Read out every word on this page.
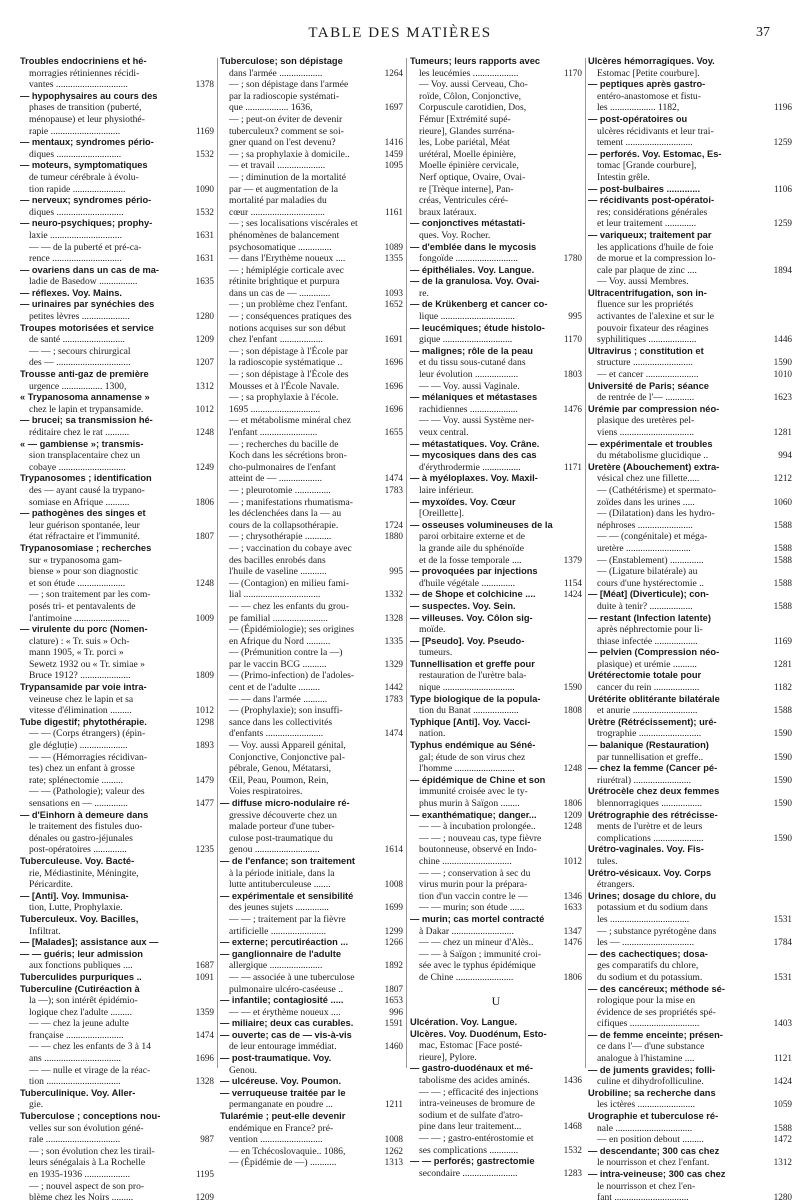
TABLE DES MATIÈRES	37
Troubles endocriniens et hé-
morragies rétiniennes récidi-
vantes ..............................	1378
— hypophysaires au cours des
phases de transition (puberté,
ménopause) et leur physiothé-
rapie .............................	1169
— mentaux; syndromes pério-
diques ...........................	1532
— moteurs, symptomatiques
de tumeur cérébrale à évolu-
tion rapide ......................	1090
— nerveux; syndromes pério-
diques ............................	1532
— neuro-psychiques; prophy-
laxie ..............................	1631
— — de la puberté et pré-ca-
rence .............................	1631
— ovariens dans un cas de ma-
ladie de Basedow ................	1635
— réflexes. Voy. Mains.
— urinaires par synéchies des
petites lèvres ....................	1280
Troupes motorisées et service
de santé ..........................	1209
— — ; secours chirurgical
des — ...............................	1207
Trousse anti-gaz de première
urgence ................. 1300,	1312
« Trypanosoma annamense »
chez le lapin et trypansamide.	1012
— brucei; sa transmission hé-
réditaire chez le rat ..........	1248
« — gambiense »; transmis-
sion transplacentaire chez un
cobaye ............................	1249
Trypanosomes ; identification
des — ayant causé la trypano-
somiase en Afrique ..........	1806
— pathogènes des singes et
leur guérison spontanée, leur
état réfractaire et l'immunité.	1807
Trypanosomiase ; recherches
sur « trypanosoma gam-
biense » pour son diagnostic
et son étude ....................	1248
— ; son traitement par les com-
posés tri- et pentavalents de
l'antimoine .......................	1009
— virulente du porc (Nomen-
clature) : « Tr. suis » Och-
mann 1905, « Tr. porci »
Sewetz 1932 ou « Tr. simiae »
Bruce 1912? .....................	1809
Trypansamide par voie intra-
veineuse chez le lapin et sa
vitesse d'élimination .........	1012
Tube digestif; phytothérapie.	1298
— — (Corps étrangers) (épin-
gle dégluție) ....................	1893
— — (Hémorragies récidivan-
tes) chez un enfant à grosse
rate; splénectomie .........	1479
— — (Pathologie); valeur des
sensations en — ..............	1477
— d'Einhorn à demeure dans
le traitement des fistules duo-
dénales ou gastro-jéjunales
post-opératoires ..............	1235
Tuberculeuse. Voy. Bacté-
rie, Médiastinite, Méningite,
Péricardite.
— [Anti]. Voy. Immunisa-
tion, Lutte, Prophylaxie.
Tuberculeux. Voy. Bacilles,
Infiltrat.
— [Malades]; assistance aux —
— — guéris; leur admission
aux fonctions publiques ....	1687
Tuberculides purpuriques ..	1091
Tuberculine (Cutiréaction à
la —); son intérêt épidémio-
logique chez l'adulte .........	1359
— — chez la jeune adulte
française ........................	1474
— — chez les enfants de 3 à 14
ans ................................	1696
— — nulle et virage de la réac-
tion ...............................	1328
Tuberculinique. Voy. Aller-
gie.
Tuberculose ; conceptions nou-
velles sur son évolution géné-
rale ...............................	987
— ; son évolution chez les tirail-
leurs sénégalais à La Rochelle
en 1935-1936 ...................	1195
— ; nouvel aspect de son pro-
blème chez les Noirs .........	1209
Tuberculose; son dépistage
dans l'armée ..................	1264
— ; son dépistage dans l'armée
par la radioscopie systémati-
que .................. 1636,	1697
— ; peut-on éviter de devenir
tuberculeux? comment se soi-
gner quand on l'est devenu?	1416
— ; sa prophylaxie à domicile..	1459
— et travail ....................	1095
— ; diminution de la mortalité
par — et augmentation de la
mortalité par maladies du
cœur ...............................	1161
— ; ses localisations viscérales et
phénomènes de balancement
psychosomatique ..............	1089
— dans l'Erythème noueux ....	1355
— ; hémiplégie corticale avec
rétinite brightique et purpura
dans un cas de — .............	1093
— ; un problème chez l'enfant.	1652
— ; conséquences pratiques des
notions acquises sur son début
chez l'enfant ..................	1691
— ; son dépistage à l'École par
la radioscopie systématique ..	1696
— ; son dépistage à l'École des
Mousses et à l'École Navale.	1696
— ; sa prophylaxie à l'école.
1695 .............................	1696
— et métabolisme minéral chez
l'enfant ........................	1655
— ; recherches du bacille de
Koch dans les sécrétions bron-
cho-pulmonaires de l'enfant
atteint de — ..................	1474
— ; pleurotomie ...............	1783
— ; manifestations rhumatisma-
les déclenchées dans la — au
cours de la collapsothérapie.	1724
— ; chrysothérapie ...........	1880
— ; vaccination du cobaye avec
des bacilles enrobés dans
l'huile de vaseline ...........	995
— (Contagion) en milieu fami-
lial ................................	1332
— — chez les enfants du grou-
pe familial .......................	1328
— (Épidémiologie); ses origines
en Afrique du Nord ..........	1335
— (Prémunition contre la —)
par le vaccin BCG ..........	1329
— (Primo-infection) de l'adoles-
cent et de l'adulte .........	1442
— — dans l'armée ..........	1783
— (Prophylaxie); son insuffi-
sance dans les collectivités
d'enfants ........................	1474
— Voy. aussi Appareil génital,
Conjonctive, Conjonctive pal-
pébrale, Genou, Métatarsi,
Œil, Peau, Poumon, Rein,
Voies respiratoires.
— diffuse micro-nodulaire ré-
gressive découverte chez un
malade porteur d'une tuber-
culose post-traumatique du
genou ...........................	1614
— de l'enfance; son traitement
à la période initiale, dans la
lutte antituberculeuse .......	1008
— expérimentale et sensibilité
des jeunes sujets ..............	1699
— — ; traitement par la fièvre
artificielle .......................	1299
— externe; percutiréaction ...	1266
— ganglionnaire de l'adulte
allergique ......................	1892
— — associée à une tuberculose
pulmonaire ulcéro-caséeuse ..	1807
— infantile; contagiosité .....	1653
— — et érythème noueux ....	996
— miliaire; deux cas curables.	1591
— ouverte; cas de — vis-à-vis
de leur entourage immédiat.	1460
— post-traumatique. Voy.
Genou.
— ulcéreuse. Voy. Poumon.
— verruqueuse traitée par le
permanganate en poudre ...	1211
Tularémie ; peut-elle devenir
endémique en France? pré-
vention ..........................	1008
— en Tchécoslovaquie.. 1086,	1262
— (Épidémie de —) ...........	1313
Tumeurs; leurs rapports avec
les leucémies ...................	1170
— Voy. aussi Cerveau, Cho-
roïde, Côlon, Conjonctive,
Corpuscule carotidien, Dos,
Fémur [Extrémité supé-
rieure], Glandes surréna-
les, Lobe pariétal, Méat
urétéral, Moelle épinière,
Moelle épinière cervicale,
Nerf optique, Ovaire, Ovai-
re [Trèque interne], Pan-
créas, Ventricules céré-
braux latéraux.
— conjonctives métastati-
ques. Voy. Rocher.
— d'emblée dans le mycosis
fongoïde ..........................	1780
— épithéliales. Voy. Langue.
— de la granulosa. Voy. Ovai-
re.
— de Krükenberg et cancer co-
lique ...............................	995
— leucémiques; étude histolo-
gique .............................	1170
— malignes; rôle de la peau
et du tissu sous-cutané dans
leur évolution ..................	1803
— — Voy. aussi Vaginale.
— mélaniques et métastases
rachidiennes ....................	1476
— — Voy. aussi Système ner-
veux central.
— métastatiques. Voy. Crâne.
— mycosiques dans des cas
d'érythrodermie ................	1171
— à myéloplaxes. Voy. Maxil-
laire inférieur.
— myxoïdes. Voy. Cœur
[Oreillette].
— osseuses volumineuses de la
paroi orbitaire externe et de
la grande aile du sphénoïde
et de la fosse temporale ....	1379
— provoquées par injections
d'huile végétale ..............	1154
— de Shope et colchicine ....	1424
— suspectes. Voy. Sein.
— villeuses. Voy. Côlon sig-
moïde.
— [Pseudo]. Voy. Pseudo-
tumeurs.
Tunnellisation et greffe pour
restauration de l'urètre bala-
nique ..............................	1590
Type biologique de la popula-
tion du Banat ...................	1808
Typhique [Anti]. Voy. Vacci-
nation.
Typhus endémique au Séné-
gal; étude de son virus chez
l'homme .........................	1248
— épidémique de Chine et son
immunité croisée avec le ty-
phus murin à Saïgon ........	1806
— exanthématique; danger...	1209
— — à incubation prolongée..	1248
— — ; nouveau cas, type fièvre
boutonneuse, observé en Indo-
chine .............................	1012
— — ; conservation à sec du
virus murin pour la prépara-
tion d'un vaccin contre le —	1346
— — murin; son étude ......	1633
— murin; cas mortel contracté
à Dakar ..........................	1347
— — chez un mineur d'Alès..	1476
— — à Saïgon ; immunité croi-
sée avec le typhus épidémique
de Chine ........................	1806
U
Ulcération. Voy. Langue.
Ulcères. Voy. Duodénum, Esto-
mac, Estomac [Face posté-
rieure], Pylore.
— gastro-duodénaux et mé-
tabolisme des acides aminés.	1436
— — ; efficacité des injections
intra-veineuses de bromure de
sodium et de sulfate d'atro-
pine dans leur traitement...	1468
— — ; gastro-entérostomie et
ses complications ............	1532
— — perforés; gastrectomie
secondaire .......................	1283
Ulcères hémorragiques. Voy.
Estomac [Petite courbure].
— peptiques après gastro-
entéro-anastomose et fistu-
les ................... 1182,	1196
— post-opératoires ou
ulcères récidivants et leur trai-
tement ............................	1259
— perforés. Voy. Estomac, Es-
tomac [Grande courbure],
Intestin grêle.
— post-bulbaires .............	1106
— récidivants post-opératoi-
res; considérations générales
et leur traitement .............	1259
— variqueux; traitement par
les applications d'huile de foie
de morue et la compression lo-
cale par plaque de zinc ....	1894
— Voy. aussi Membres.
Ultracentrifugation, son in-
fluence sur les propriétés
activantes de l'alexine et sur le
pouvoir fixateur des réagines
syphilitiques ....................	1446
Ultravirus ; constitution et
structure .........................	1590
— et cancer ......................	1010
Université de Paris; séance
de rentrée de l'— ............	1623
Urémie par compression néo-
plasique des uretères pel-
viens ...............................	1281
— expérimentale et troubles
du métabolisme glucidique ..	994
Uretère (Abouchement) extra-
vésical chez une fillette.....	1212
— (Cathétérisme) et spermato-
zoïdes dans les urines .....	1060
— (Dilatation) dans les hydro-
néphroses .......................	1588
— — (congénitale) et méga-
uretère ...........................	1588
— (Enstablement) ..............	1588
— (Ligature bilatérale) au
cours d'une hystérectomie ..	1588
— [Méat] (Diverticule); con-
duite à tenir? ..................	1588
— restant (Infection latente)
après néphrectomie pour li-
thiase infectée ..................	1169
— pelvien (Compression néo-
plasique) et urémie ..........	1281
Urétérectomie totale pour
cancer du rein ...................	1182
Urétérite oblitérante bilatérale
et anurie ...........................	1588
Urètre (Rétrécissement); uré-
trographie ..........................	1590
— balanique (Restauration)
par tunnellisation et greffe..	1590
— chez la femme (Cancer pé-
riurétral) ........................	1590
Urétrocèle chez deux femmes
blennorragiques .................	1590
Urétrographie des rétrécisse-
ments de l'urètre et de leurs
complications .....................	1590
Urétro-vaginales. Voy. Fis-
tules.
Urétro-vésicaux. Voy. Corps
étrangers.
Urines; dosage du chlore, du
potassium et du sodium dans
les .................................	1531
— ; substance pyrétogène dans
les — ..............................	1784
— des cachectiques; dosa-
ges comparatifs du chlore,
du sodium et du potassium.	1531
— des cancéreux; méthode sé-
rologique pour la mise en
évidence de ses propriétés spé-
cifiques .............................	1403
— de femme enceinte; présen-
ce dans l'— d'une substance
analogue à l'histamine ....	1121
— de juments gravides; folli-
culine et dihydrofolliculine.	1424
Urobiline; sa recherche dans
les ictères ........................	1059
Urographie et tuberculose ré-
nale ................................	1588
— en position debout .........	1472
— descendante; 300 cas chez
le nourrisson et chez l'enfant.	1312
— intra-veineuse; 300 cas chez
le nourrisson et chez l'en-
fant ...............................	1280
